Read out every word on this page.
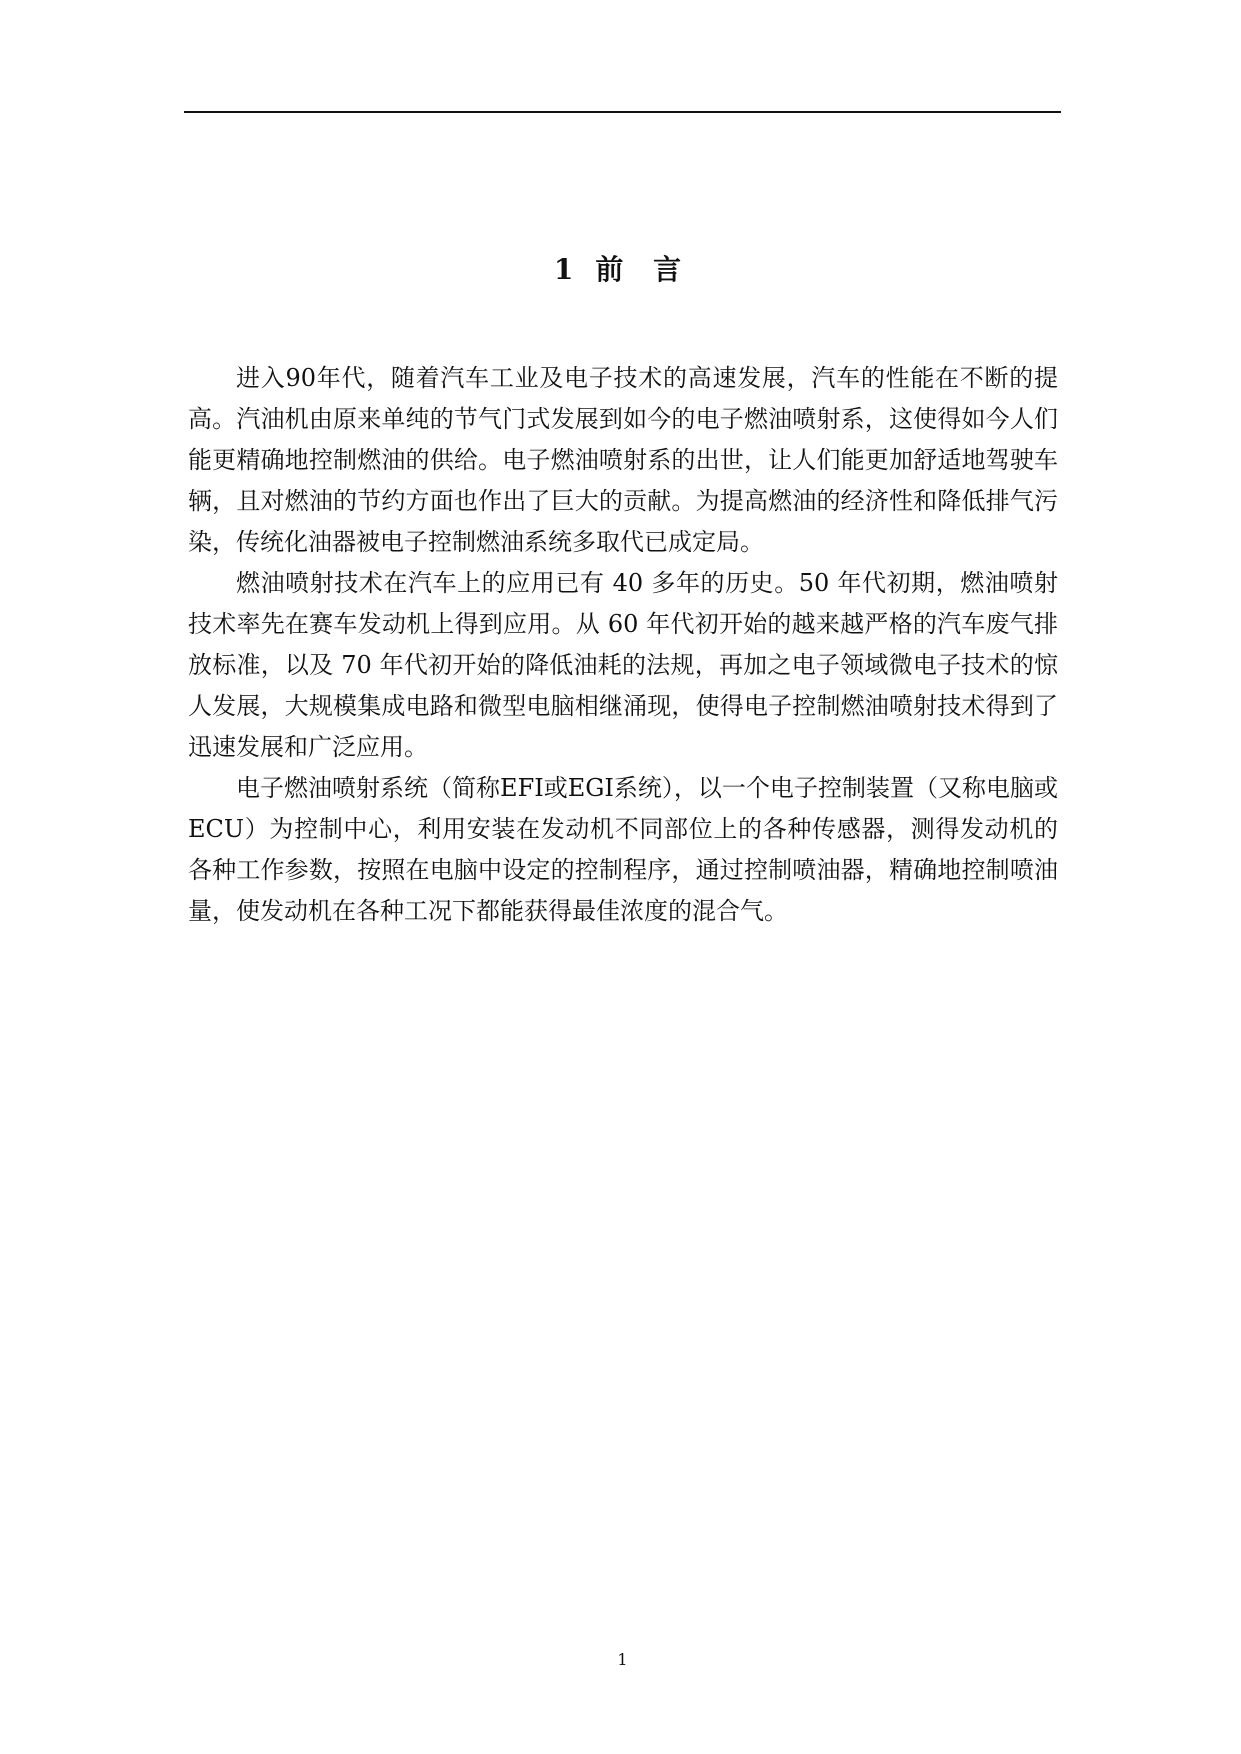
1 前 言

进入90年代，随着汽车工业及电子技术的高速发展，汽车的性能在不断的提高。汽油机由原来单纯的节气门式发展到如今的电子燃油喷射系，这使得如今人们能更精确地控制燃油的供给。电子燃油喷射系的出世，让人们能更加舒适地驾驶车辆，且对燃油的节约方面也作出了巨大的贡献。为提高燃油的经济性和降低排气污染，传统化油器被电子控制燃油系统多取代已成定局。

燃油喷射技术在汽车上的应用已有 40 多年的历史。50 年代初期，燃油喷射技术率先在赛车发动机上得到应用。从 60 年代初开始的越来越严格的汽车废气排放标准，以及 70 年代初开始的降低油耗的法规，再加之电子领域微电子技术的惊人发展，大规模集成电路和微型电脑相继涌现，使得电子控制燃油喷射技术得到了迅速发展和广泛应用。

电子燃油喷射系统（简称EFI或EGI系统），以一个电子控制装置（又称电脑或ECU）为控制中心，利用安装在发动机不同部位上的各种传感器，测得发动机的各种工作参数，按照在电脑中设定的控制程序，通过控制喷油器，精确地控制喷油量，使发动机在各种工况下都能获得最佳浓度的混合气。

1
